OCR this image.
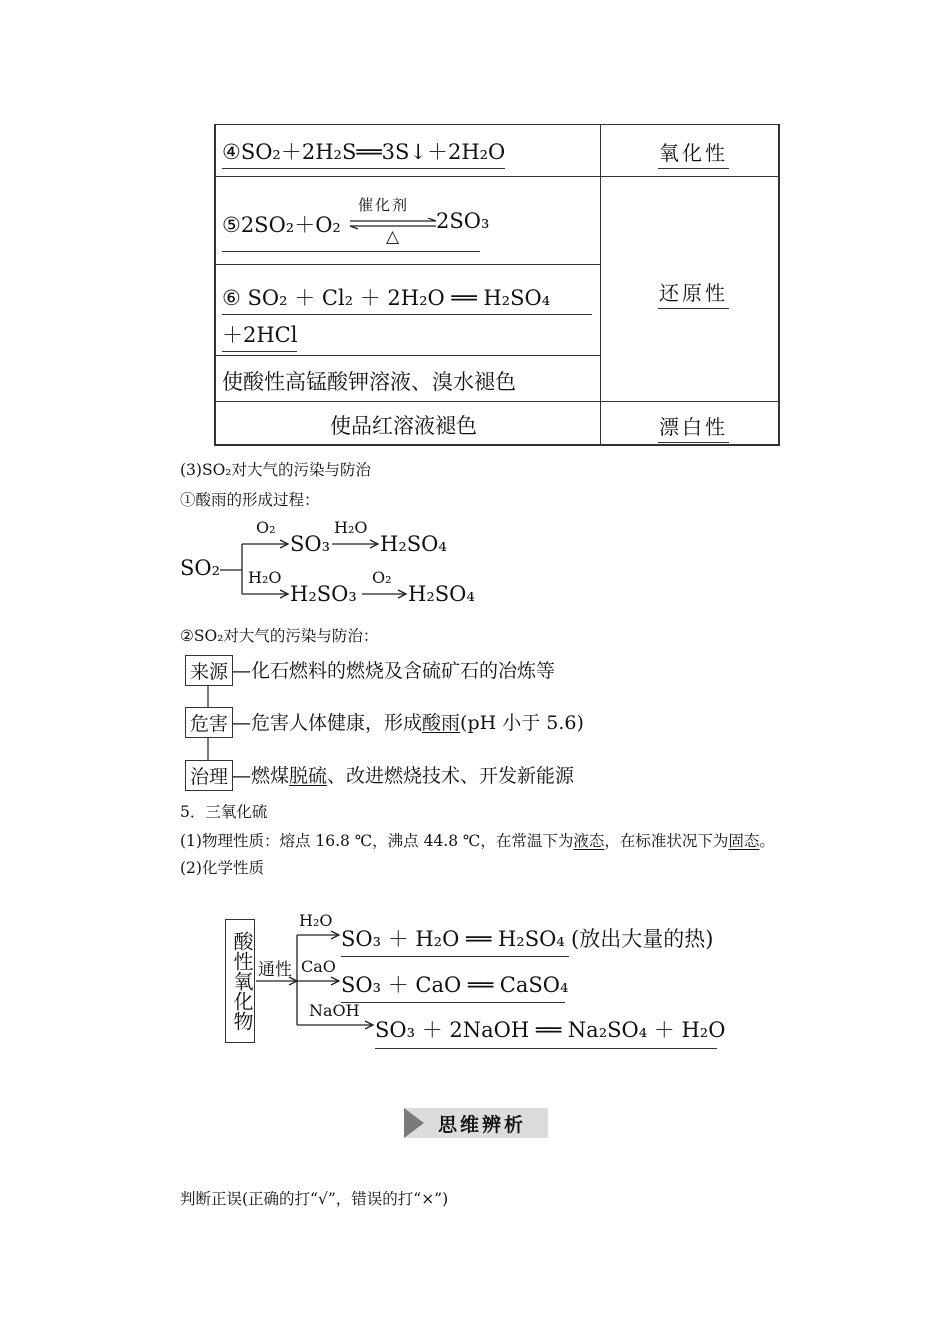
④SO₂＋2H₂S══3S↓＋2H₂O	氧化性
⑤2SO₂＋O₂
催化剂
△
2SO₃
⑥ SO₂ ＋ Cl₂ ＋ 2H₂O ══ H₂SO₄
＋2HCl
还原性
使酸性高锰酸钾溶液、溴水褪色
使品红溶液褪色	漂白性
(3)SO₂对大气的污染与防治
①酸雨的形成过程：
SO₂
O₂
SO₃
H₂O
H₂SO₄
H₂O
H₂SO₃
O₂
H₂SO₄
②SO₂对大气的污染与防治：
来源 —化石燃料的燃烧及含硫矿石的冶炼等
危害 —危害人体健康，形成酸雨(pH 小于 5.6)
治理 —燃煤脱硫、改进燃烧技术、开发新能源
5．三氧化硫
(1)物理性质：熔点 16.8 ℃，沸点 44.8 ℃，在常温下为液态，在标准状况下为固态。
(2)化学性质
酸性氧化物 通性
H₂O
SO₃ ＋ H₂O ══ H₂SO₄ (放出大量的热)
CaO
SO₃ ＋ CaO ══ CaSO₄
NaOH
SO₃ ＋ 2NaOH ══ Na₂SO₄ ＋ H₂O
思维辨析
判断正误(正确的打“√”，错误的打“×”)
